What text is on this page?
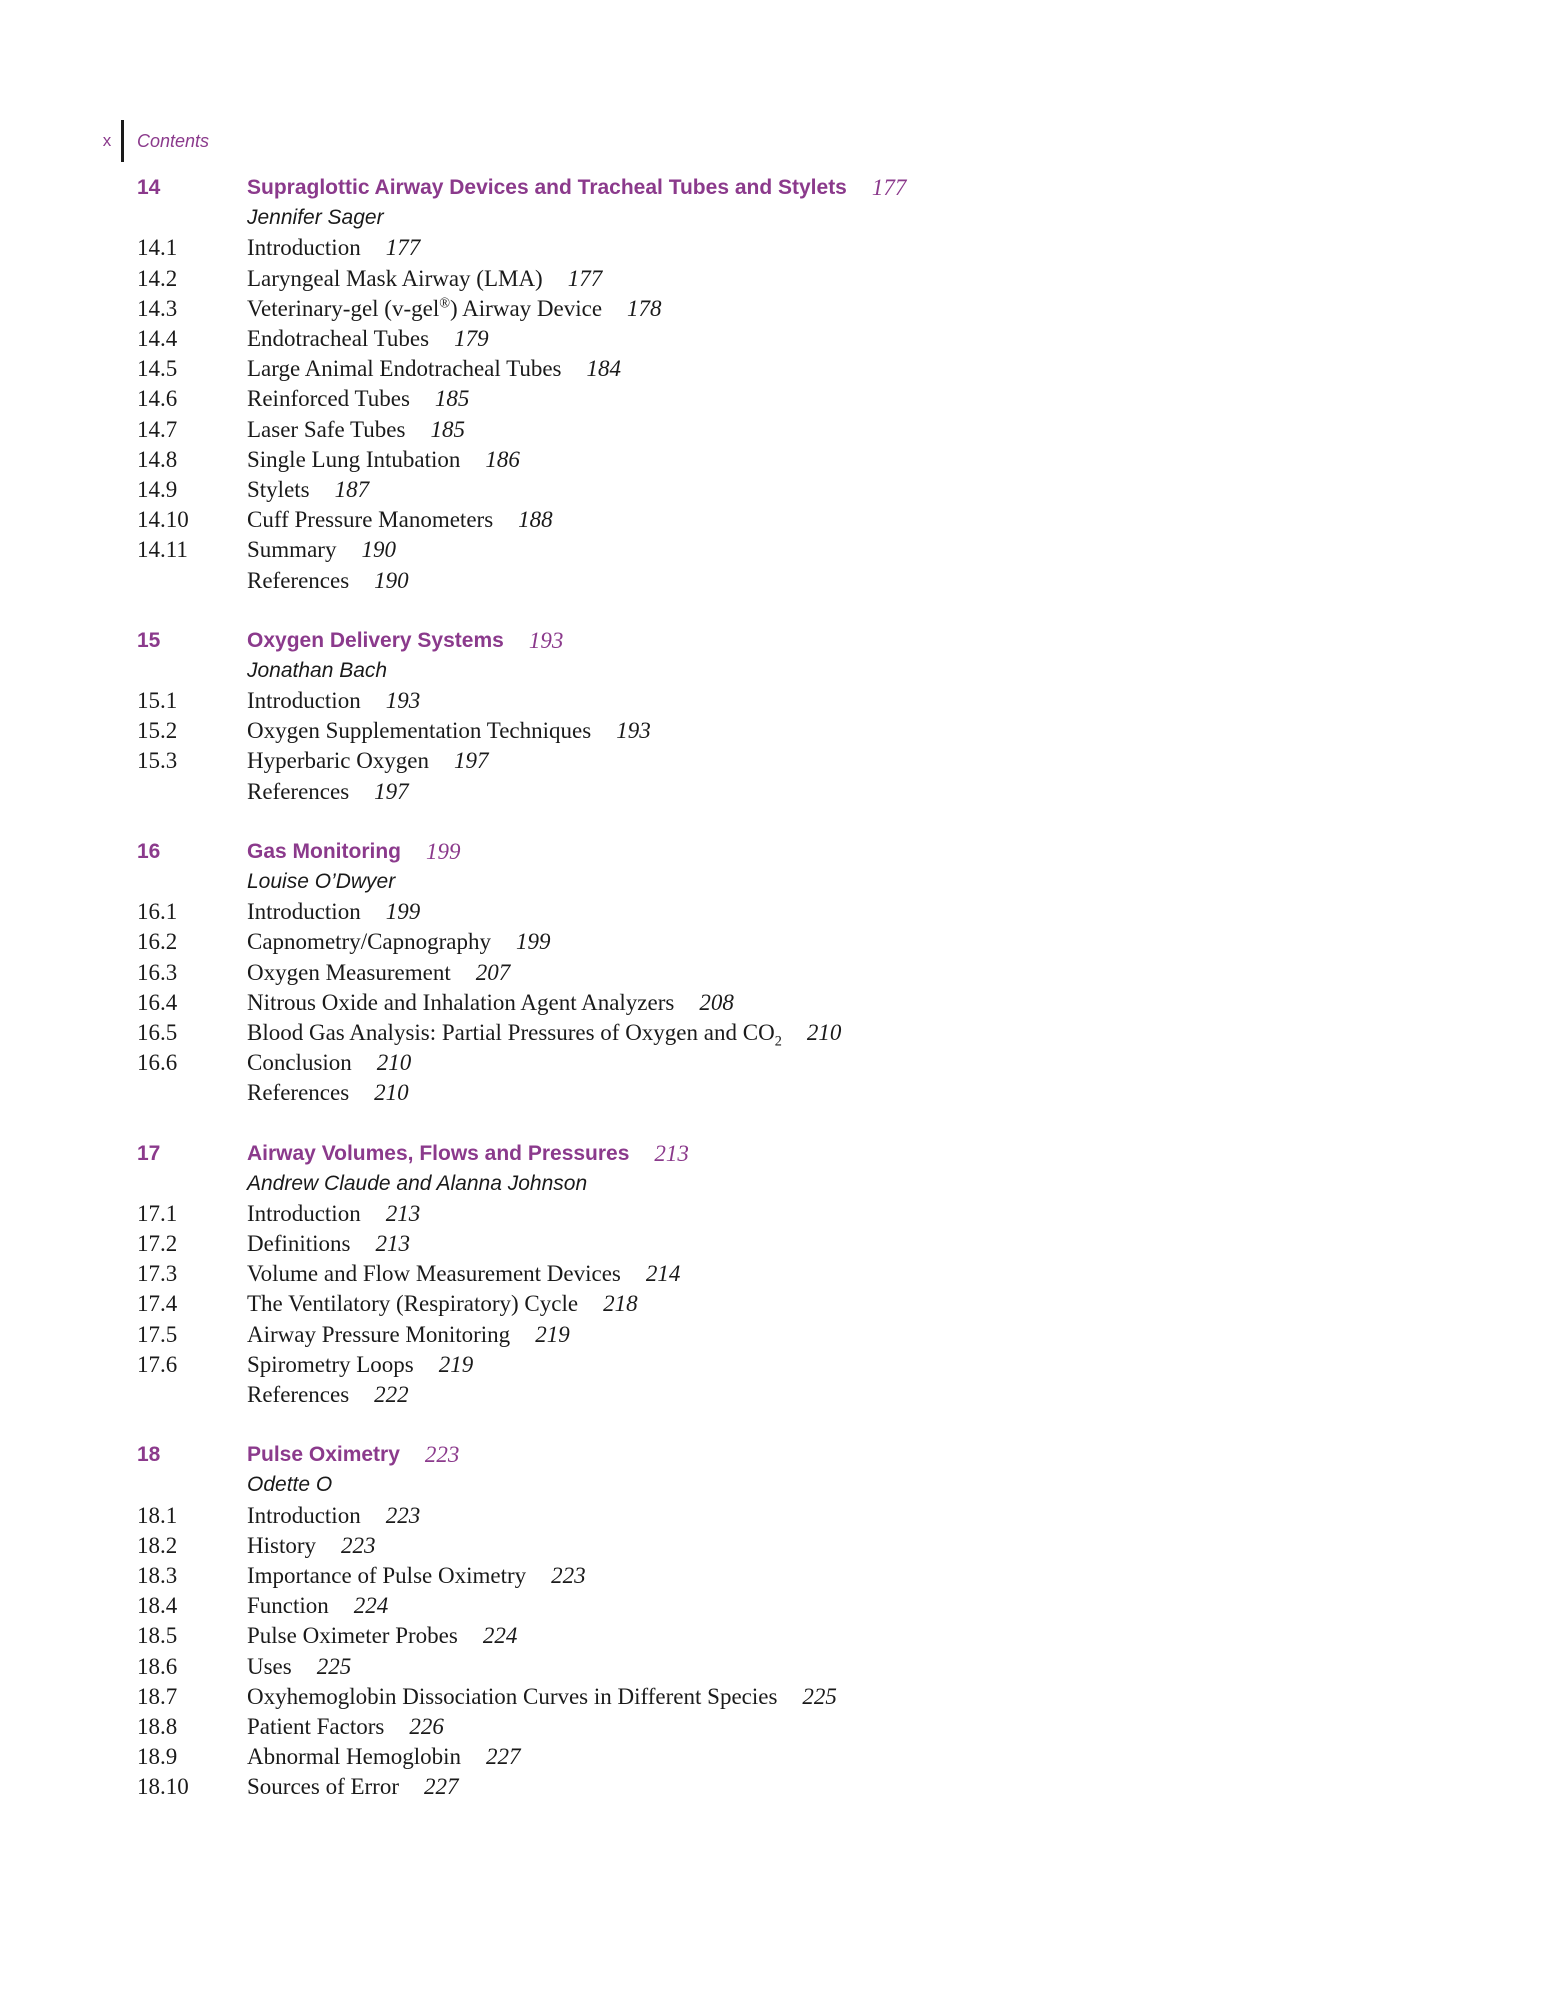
x Contents
14	Supraglottic Airway Devices and Tracheal Tubes and Stylets 177
Jennifer Sager
14.1	Introduction 177
14.2	Laryngeal Mask Airway (LMA) 177
14.3	Veterinary-gel (v-gel®) Airway Device 178
14.4	Endotracheal Tubes 179
14.5	Large Animal Endotracheal Tubes 184
14.6	Reinforced Tubes 185
14.7	Laser Safe Tubes 185
14.8	Single Lung Intubation 186
14.9	Stylets 187
14.10	Cuff Pressure Manometers 188
14.11	Summary 190
References 190
15	Oxygen Delivery Systems 193
Jonathan Bach
15.1	Introduction 193
15.2	Oxygen Supplementation Techniques 193
15.3	Hyperbaric Oxygen 197
References 197
16	Gas Monitoring 199
Louise O’Dwyer
16.1	Introduction 199
16.2	Capnometry/Capnography 199
16.3	Oxygen Measurement 207
16.4	Nitrous Oxide and Inhalation Agent Analyzers 208
16.5	Blood Gas Analysis: Partial Pressures of Oxygen and $CO_2$ 210
16.6	Conclusion 210
References 210
17	Airway Volumes, Flows and Pressures 213
Andrew Claude and Alanna Johnson
17.1	Introduction 213
17.2	Definitions 213
17.3	Volume and Flow Measurement Devices 214
17.4	The Ventilatory (Respiratory) Cycle 218
17.5	Airway Pressure Monitoring 219
17.6	Spirometry Loops 219
References 222
18	Pulse Oximetry 223
Odette O
18.1	Introduction 223
18.2	History 223
18.3	Importance of Pulse Oximetry 223
18.4	Function 224
18.5	Pulse Oximeter Probes 224
18.6	Uses 225
18.7	Oxyhemoglobin Dissociation Curves in Different Species 225
18.8	Patient Factors 226
18.9	Abnormal Hemoglobin 227
18.10	Sources of Error 227
